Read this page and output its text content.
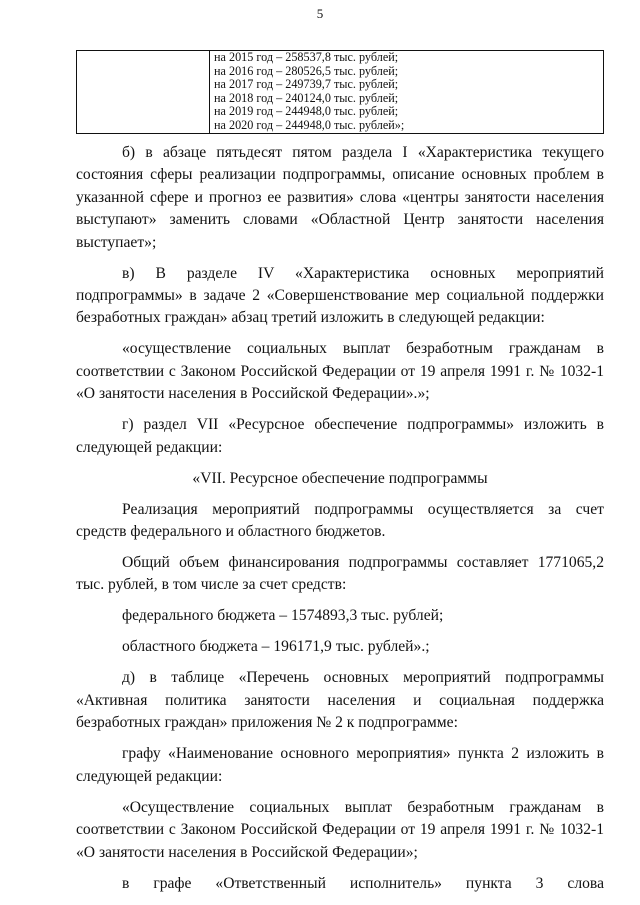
5

на 2015 год – 258537,8 тыс. рублей;
на 2016 год – 280526,5 тыс. рублей;
на 2017 год – 249739,7 тыс. рублей;
на 2018 год – 240124,0 тыс. рублей;
на 2019 год – 244948,0 тыс. рублей;
на 2020 год – 244948,0 тыс. рублей»;

б) в абзаце пятьдесят пятом раздела I «Характеристика текущего состояния сферы реализации подпрограммы, описание основных проблем в указанной сфере и прогноз ее развития» слова «центры занятости населения выступают» заменить словами «Областной Центр занятости населения выступает»;

в) В разделе IV «Характеристика основных мероприятий подпрограммы» в задаче 2 «Совершенствование мер социальной поддержки безработных граждан» абзац третий изложить в следующей редакции:

«осуществление социальных выплат безработным гражданам в соответствии с Законом Российской Федерации от 19 апреля 1991 г. № 1032-1 «О занятости населения в Российской Федерации».»;

г) раздел VII «Ресурсное обеспечение подпрограммы» изложить в следующей редакции:

«VII. Ресурсное обеспечение подпрограммы

Реализация мероприятий подпрограммы осуществляется за счет средств федерального и областного бюджетов.

Общий объем финансирования подпрограммы составляет 1771065,2 тыс. рублей, в том числе за счет средств:

федерального бюджета – 1574893,3 тыс. рублей;

областного бюджета – 196171,9 тыс. рублей».;

д) в таблице «Перечень основных мероприятий подпрограммы «Активная политика занятости населения и социальная поддержка безработных граждан» приложения № 2 к подпрограмме:

графу «Наименование основного мероприятия» пункта 2 изложить в следующей редакции:

«Осуществление социальных выплат безработным гражданам в соответствии с Законом Российской Федерации от 19 апреля 1991 г. № 1032-1 «О занятости населения в Российской Федерации»;

в графе «Ответственный исполнитель» пункта 3 слова
